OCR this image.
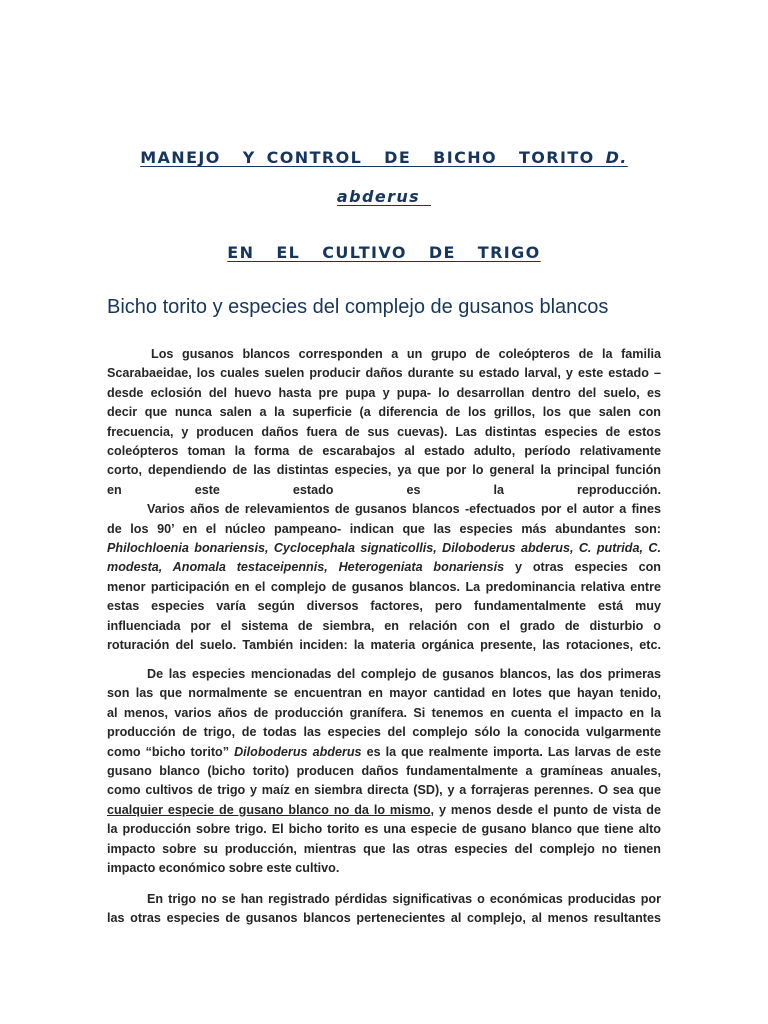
MANEJO  Y CONTROL  DE  BICHO  TORITO D.
abderus
EN  EL  CULTIVO  DE  TRIGO
Bicho torito y especies del complejo de gusanos blancos
Los gusanos blancos corresponden a un grupo de coleópteros de la familia
Scarabaeidae, los cuales suelen producir daños durante su estado larval, y este estado –
desde eclosión del huevo hasta pre pupa y pupa- lo desarrollan dentro del suelo, es
decir que nunca salen a la superficie (a diferencia de los grillos, los que salen con
frecuencia, y producen daños fuera de sus cuevas). Las distintas especies de estos
coleópteros toman la forma de escarabajos al estado adulto, período relativamente
corto, dependiendo de las distintas especies, ya que por lo general la principal función
en este estado es la reproducción.
Varios años de relevamientos de gusanos blancos -efectuados por el autor a fines
de los 90’ en el núcleo pampeano- indican que las especies más abundantes son:
Philochloenia bonariensis, Cyclocephala signaticollis, Diloboderus abderus, C. putrida, C.
modesta, Anomala testaceipennis, Heterogeniata bonariensis y otras especies con
menor participación en el complejo de gusanos blancos. La predominancia relativa entre
estas especies varía según diversos factores, pero fundamentalmente está muy
influenciada por el sistema de siembra, en relación con el grado de disturbio o
roturación del suelo. También inciden: la materia orgánica presente, las rotaciones, etc.
De las especies mencionadas del complejo de gusanos blancos, las dos primeras
son las que normalmente se encuentran en mayor cantidad en lotes que hayan tenido,
al menos, varios años de producción granífera. Si tenemos en cuenta el impacto en la
producción de trigo, de todas las especies del complejo sólo la conocida vulgarmente
como “bicho torito” Diloboderus abderus es la que realmente importa. Las larvas de este
gusano blanco (bicho torito) producen daños fundamentalmente a gramíneas anuales,
como cultivos de trigo y maíz en siembra directa (SD), y a forrajeras perennes. O sea que
cualquier especie de gusano blanco no da lo mismo, y menos desde el punto de vista de
la producción sobre trigo. El bicho torito es una especie de gusano blanco que tiene alto
impacto sobre su producción, mientras que las otras especies del complejo no tienen
impacto económico sobre este cultivo.
En trigo no se han registrado pérdidas significativas o económicas producidas por
las otras especies de gusanos blancos pertenecientes al complejo, al menos resultantes
